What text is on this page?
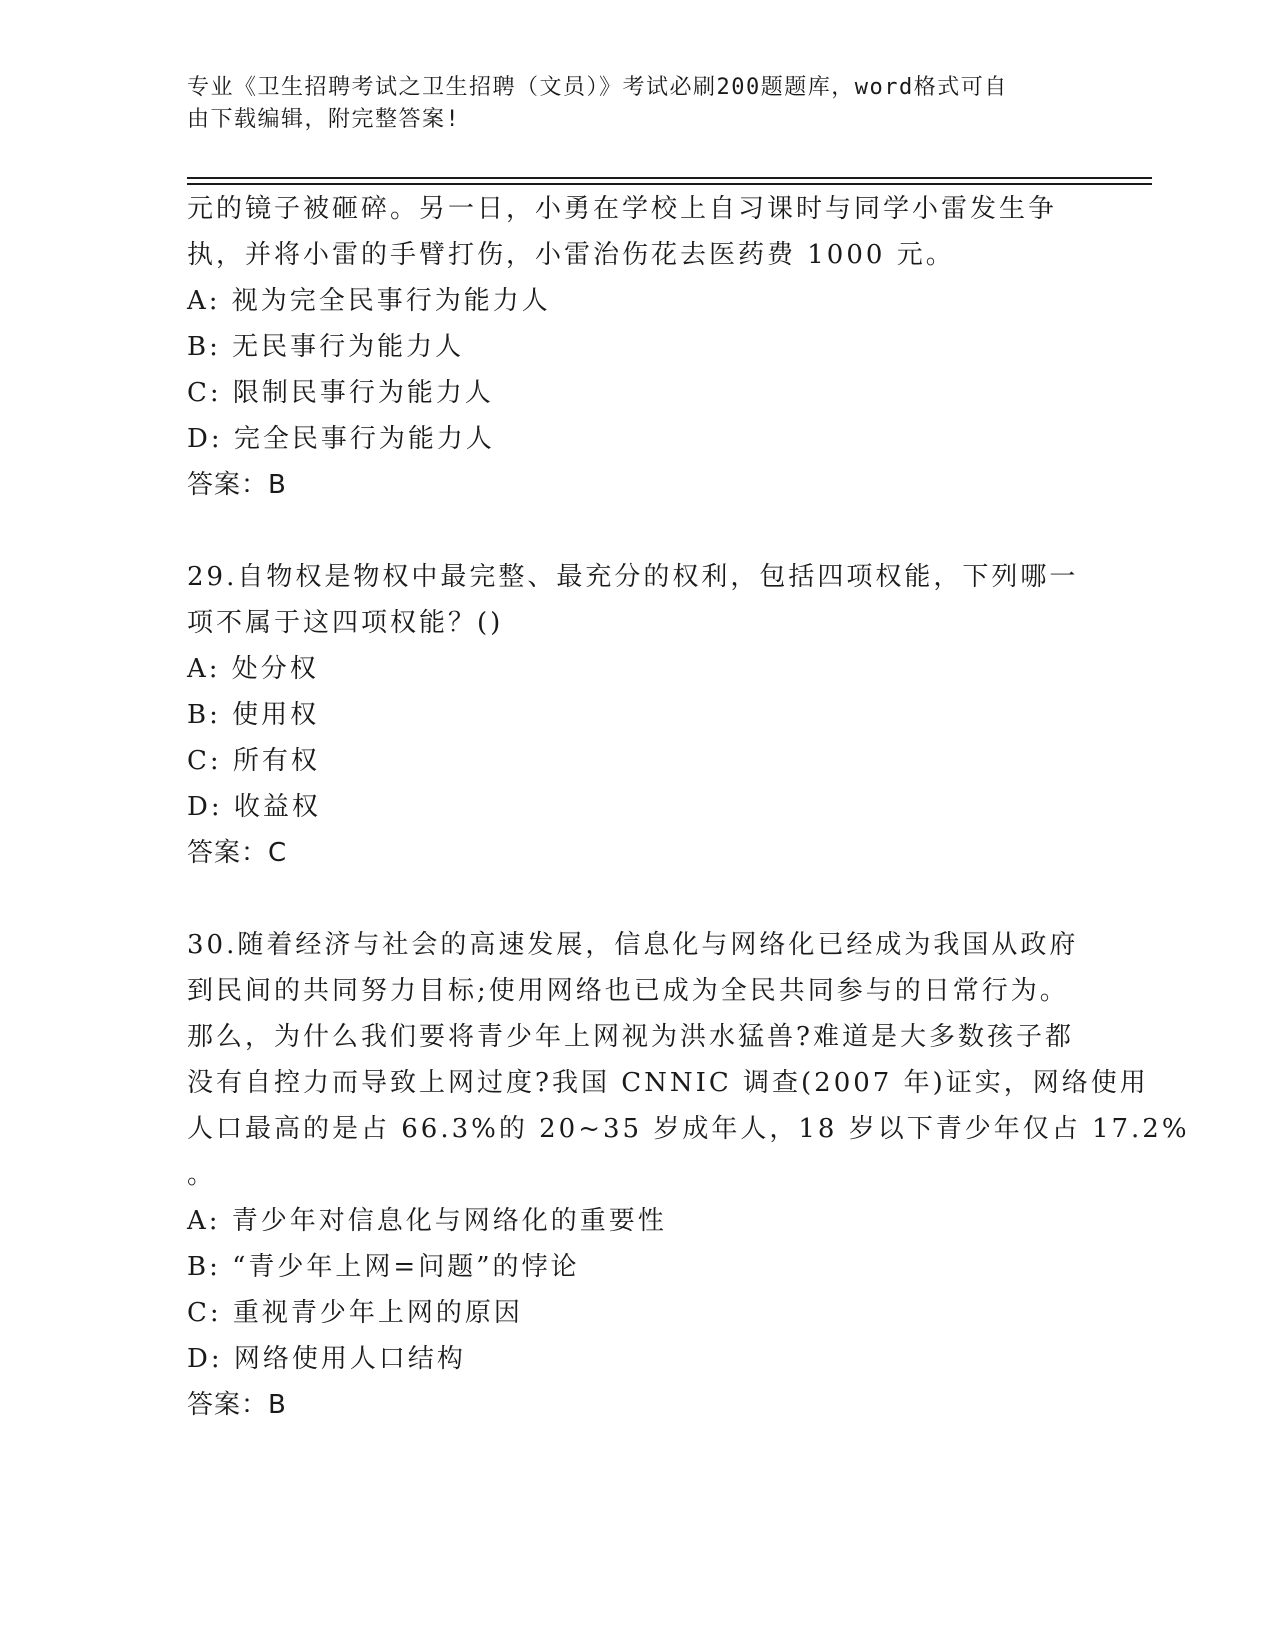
专业《卫生招聘考试之卫生招聘（文员）》考试必刷200题题库，word格式可自
由下载编辑，附完整答案!
元的镜子被砸碎。另一日，小勇在学校上自习课时与同学小雷发生争
执，并将小雷的手臂打伤，小雷治伤花去医药费 1000 元。
A: 视为完全民事行为能力人
B: 无民事行为能力人
C: 限制民事行为能力人
D: 完全民事行为能力人
答案：B
29.自物权是物权中最完整、最充分的权利，包括四项权能，下列哪一
项不属于这四项权能？()
A: 处分权
B: 使用权
C: 所有权
D: 收益权
答案：C
30.随着经济与社会的高速发展，信息化与网络化已经成为我国从政府
到民间的共同努力目标;使用网络也已成为全民共同参与的日常行为。
那么，为什么我们要将青少年上网视为洪水猛兽?难道是大多数孩子都
没有自控力而导致上网过度?我国 CNNIC 调查(2007 年)证实，网络使用
人口最高的是占 66.3%的 20~35 岁成年人，18 岁以下青少年仅占 17.2%
。
A: 青少年对信息化与网络化的重要性
B: “青少年上网=问题”的悖论
C: 重视青少年上网的原因
D: 网络使用人口结构
答案：B
